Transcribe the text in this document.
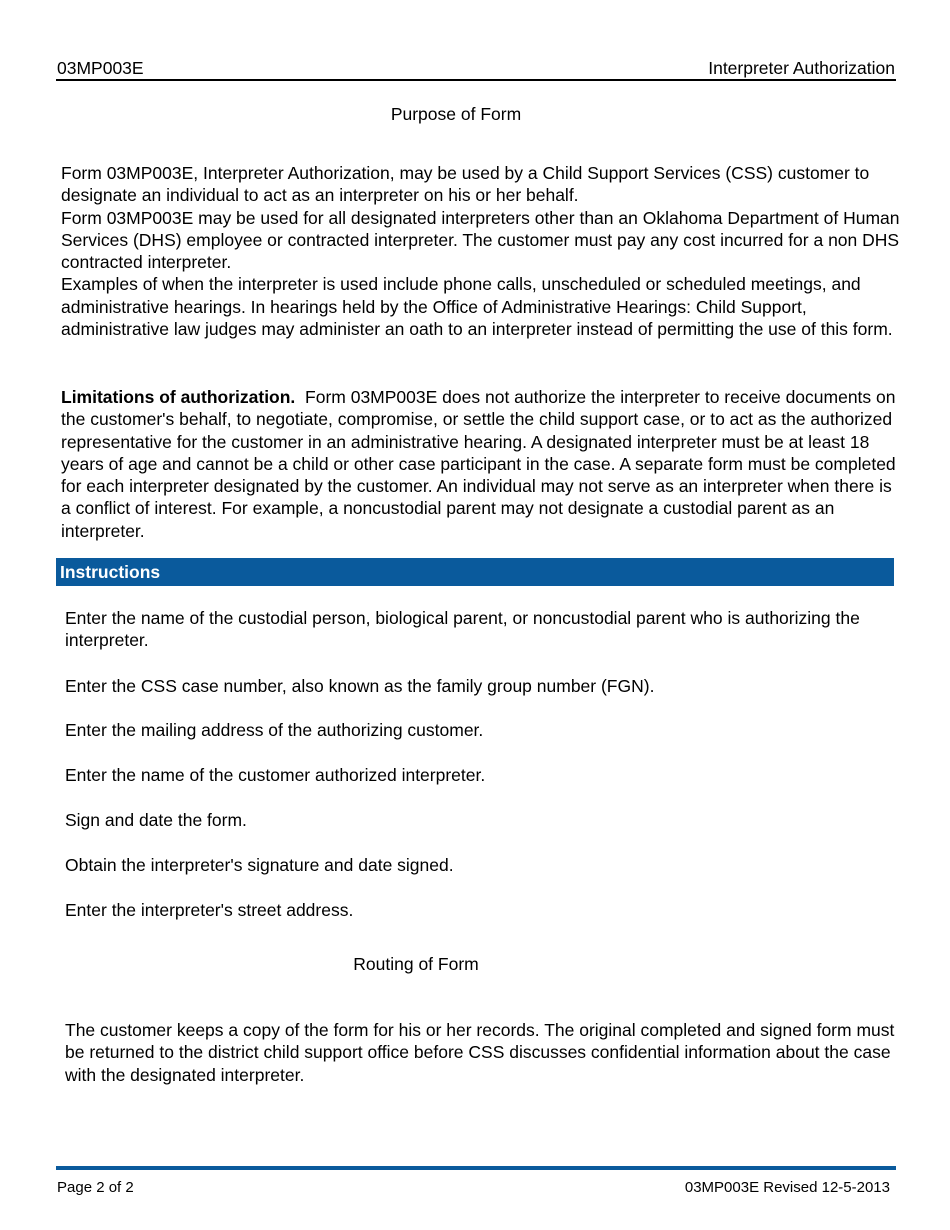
03MP003E	Interpreter Authorization
Purpose of Form

Form 03MP003E, Interpreter Authorization, may be used by a Child Support Services (CSS) customer to designate an individual to act as an interpreter on his or her behalf.

Form 03MP003E may be used for all designated interpreters other than an Oklahoma Department of Human Services (DHS) employee or contracted interpreter. The customer must pay any cost incurred for a non DHS contracted interpreter.

Examples of when the interpreter is used include phone calls, unscheduled or scheduled meetings, and administrative hearings. In hearings held by the Office of Administrative Hearings: Child Support, administrative law judges may administer an oath to an interpreter instead of permitting the use of this form.

Limitations of authorization. Form 03MP003E does not authorize the interpreter to receive documents on the customer's behalf, to negotiate, compromise, or settle the child support case, or to act as the authorized representative for the customer in an administrative hearing. A designated interpreter must be at least 18 years of age and cannot be a child or other case participant in the case. A separate form must be completed for each interpreter designated by the customer. An individual may not serve as an interpreter when there is a conflict of interest. For example, a noncustodial parent may not designate a custodial parent as an interpreter.

Instructions
Enter the name of the custodial person, biological parent, or noncustodial parent who is authorizing the interpreter.
Enter the CSS case number, also known as the family group number (FGN).
Enter the mailing address of the authorizing customer.
Enter the name of the customer authorized interpreter.
Sign and date the form.
Obtain the interpreter's signature and date signed.
Enter the interpreter's street address.
Routing of Form

The customer keeps a copy of the form for his or her records. The original completed and signed form must be returned to the district child support office before CSS discusses confidential information about the case with the designated interpreter.

Page 2 of 2	03MP003E Revised 12-5-2013
